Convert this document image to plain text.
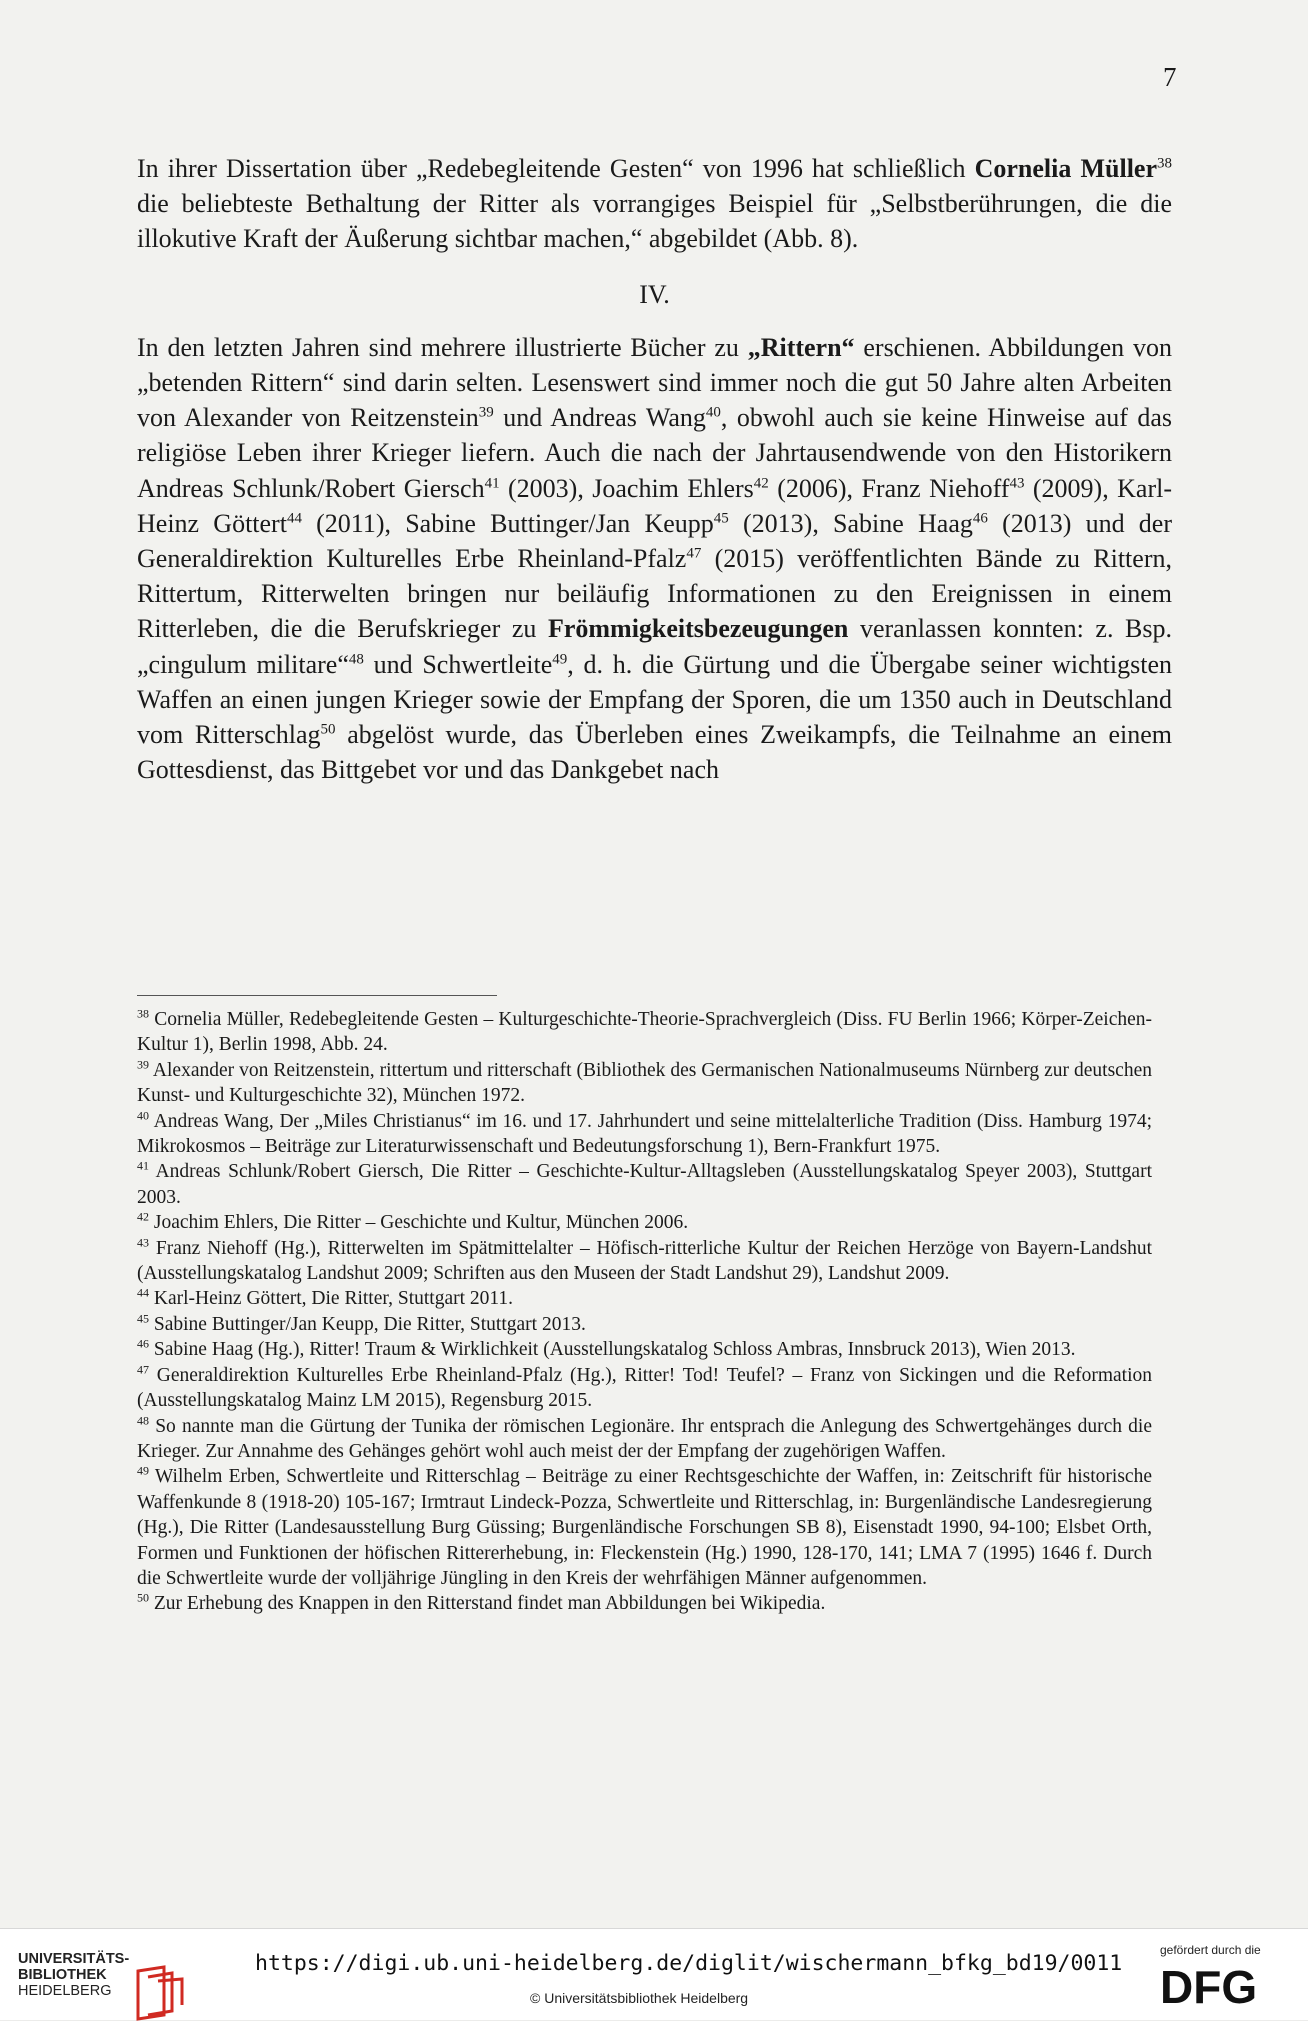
7

In ihrer Dissertation über „Redebegleitende Gesten“ von 1996 hat schließlich Cornelia Müller$^{38}$ die beliebteste Bethaltung der Ritter als vorrangiges Beispiel für „Selbstberührungen, die die illokutive Kraft der Äußerung sichtbar machen,“ abgebildet (Abb. 8).

IV.

In den letzten Jahren sind mehrere illustrierte Bücher zu „Rittern“ erschienen. Abbildungen von „betenden Rittern“ sind darin selten. Lesenswert sind immer noch die gut 50 Jahre alten Arbeiten von Alexander von Reitzenstein$^{39}$ und Andreas Wang$^{40}$, obwohl auch sie keine Hinweise auf das religiöse Leben ihrer Krieger liefern. Auch die nach der Jahrtausendwende von den Historikern Andreas Schlunk/Robert Giersch$^{41}$ (2003), Joachim Ehlers$^{42}$ (2006), Franz Niehoff$^{43}$ (2009), Karl-Heinz Göttert$^{44}$ (2011), Sabine Buttinger/Jan Keupp$^{45}$ (2013), Sabine Haag$^{46}$ (2013) und der Generaldirektion Kulturelles Erbe Rheinland-Pfalz$^{47}$ (2015) veröffentlichten Bände zu Rittern, Rittertum, Ritterwelten bringen nur beiläufig Informationen zu den Ereignissen in einem Ritterleben, die die Berufskrieger zu Frömmigkeitsbezeugungen veranlassen konnten: z. Bsp. „cingulum militare“$^{48}$ und Schwertleite$^{49}$, d. h. die Gürtung und die Übergabe seiner wichtigsten Waffen an einen jungen Krieger sowie der Empfang der Sporen, die um 1350 auch in Deutschland vom Ritterschlag$^{50}$ abgelöst wurde, das Überleben eines Zweikampfs, die Teilnahme an einem Gottesdienst, das Bittgebet vor und das Dankgebet nach

$^{38}$ Cornelia Müller, Redebegleitende Gesten – Kulturgeschichte-Theorie-Sprachvergleich (Diss. FU Berlin 1966; Körper-Zeichen-Kultur 1), Berlin 1998, Abb. 24.

$^{39}$ Alexander von Reitzenstein, rittertum und ritterschaft (Bibliothek des Germanischen Nationalmuseums Nürnberg zur deutschen Kunst- und Kulturgeschichte 32), München 1972.

$^{40}$ Andreas Wang, Der „Miles Christianus“ im 16. und 17. Jahrhundert und seine mittelalterliche Tradition (Diss. Hamburg 1974; Mikrokosmos – Beiträge zur Literaturwissenschaft und Bedeutungsforschung 1), Bern-Frankfurt 1975.

$^{41}$ Andreas Schlunk/Robert Giersch, Die Ritter – Geschichte-Kultur-Alltagsleben (Ausstellungskatalog Speyer 2003), Stuttgart 2003.

$^{42}$ Joachim Ehlers, Die Ritter – Geschichte und Kultur, München 2006.

$^{43}$ Franz Niehoff (Hg.), Ritterwelten im Spätmittelalter – Höfisch-ritterliche Kultur der Reichen Herzöge von Bayern-Landshut (Ausstellungskatalog Landshut 2009; Schriften aus den Museen der Stadt Landshut 29), Landshut 2009.

$^{44}$ Karl-Heinz Göttert, Die Ritter, Stuttgart 2011.

$^{45}$ Sabine Buttinger/Jan Keupp, Die Ritter, Stuttgart 2013.

$^{46}$ Sabine Haag (Hg.), Ritter! Traum & Wirklichkeit (Ausstellungskatalog Schloss Ambras, Innsbruck 2013), Wien 2013.

$^{47}$ Generaldirektion Kulturelles Erbe Rheinland-Pfalz (Hg.), Ritter! Tod! Teufel? – Franz von Sickingen und die Reformation (Ausstellungskatalog Mainz LM 2015), Regensburg 2015.

$^{48}$ So nannte man die Gürtung der Tunika der römischen Legionäre. Ihr entsprach die Anlegung des Schwertgehänges durch die Krieger. Zur Annahme des Gehänges gehört wohl auch meist der der Empfang der zugehörigen Waffen.

$^{49}$ Wilhelm Erben, Schwertleite und Ritterschlag – Beiträge zu einer Rechtsgeschichte der Waffen, in: Zeitschrift für historische Waffenkunde 8 (1918-20) 105-167; Irmtraut Lindeck-Pozza, Schwertleite und Ritterschlag, in: Burgenländische Landesregierung (Hg.), Die Ritter (Landesausstellung Burg Güssing; Burgenländische Forschungen SB 8), Eisenstadt 1990, 94-100; Elsbet Orth, Formen und Funktionen der höfischen Rittererhebung, in: Fleckenstein (Hg.) 1990, 128-170, 141; LMA 7 (1995) 1646 f. Durch die Schwertleite wurde der volljährige Jüngling in den Kreis der wehrfähigen Männer aufgenommen.

$^{50}$ Zur Erhebung des Knappen in den Ritterstand findet man Abbildungen bei Wikipedia.

UNIVERSITÄTS-
BIBLIOTHEK
HEIDELBERG
https://digi.ub.uni-heidelberg.de/diglit/wischermann_bfkg_bd19/0011
© Universitätsbibliothek Heidelberg
gefördert durch die
DFG
